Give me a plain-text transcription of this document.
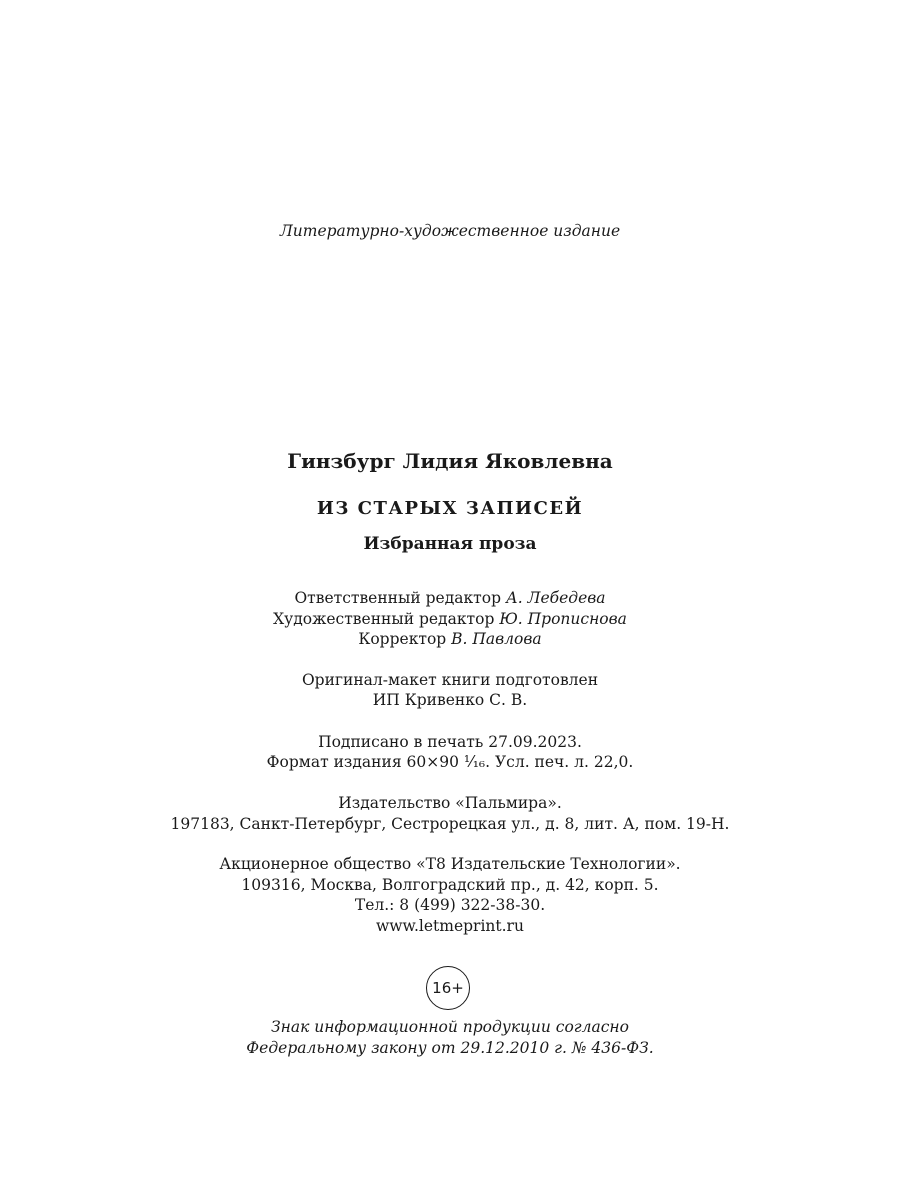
Литературно-художественное издание
Гинзбург Лидия Яковлевна
ИЗ СТАРЫХ ЗАПИСЕЙ
Избранная проза
Ответственный редактор А. Лебедева
Художественный редактор Ю. Прописнова
Корректор В. Павлова
Оригинал-макет книги подготовлен
ИП Кривенко С. В.
Подписано в печать 27.09.2023.
Формат издания 60×90 ¹⁄₁₆. Усл. печ. л. 22,0.
Издательство «Пальмира».
197183, Санкт-Петербург, Сестрорецкая ул., д. 8, лит. А, пом. 19-Н.
Акционерное общество «Т8 Издательские Технологии».
109316, Москва, Волгоградский пр., д. 42, корп. 5.
Тел.: 8 (499) 322-38-30.
www.letmeprint.ru
16+
Знак информационной продукции согласно
Федеральному закону от 29.12.2010 г. № 436-ФЗ.
